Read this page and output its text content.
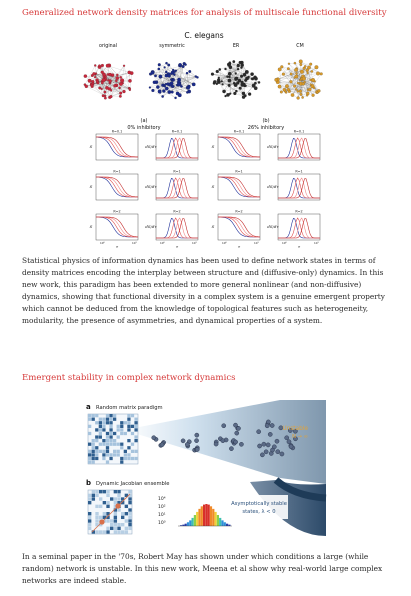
Generalized network density matrices for analysis of multiscale functional diversity
C. elegans
original	symmetric	ER	CM
(a)
0% inhibitory
(b)
26% inhibitory
R=0.1
S
R=0.1
dS/dτ
R=0.1
S
R=0.1
dS/dτ
R=1
S
R=1
dS/dτ
R=1
S
R=1
dS/dτ
R=2
S
τ
10⁰	10¹
R=2
dS/dτ
τ
10⁰	10¹
R=2
S
τ
10⁰	10¹
R=2
dS/dτ
τ
10⁰	10¹

Statistical physics of information dynamics has been used to define network states in terms of density matrices encoding the interplay between structure and (diffusive-only) dynamics. In this new work, this paradigm has been extended to more general nonlinear (and non-diffusive) dynamics, showing that functional diversity in a complex system is a genuine emergent property which cannot be deduced from the knowledge of topological features such as heterogeneity, modularity, the presence of asymmetries, and dynamical properties of a system.

Emergent stability in complex network dynamics
a Random matrix paradigm
Unstable
N → ∞
b Dynamic Jacobian ensemble
10⁴
10²
10¹
10⁰
Asymptotically stable
states, λ < 0

In a seminal paper in the '70s, Robert May has shown under which conditions a large (while random) network is unstable. In this new work, Meena et al show why real-world large complex networks are indeed stable.
